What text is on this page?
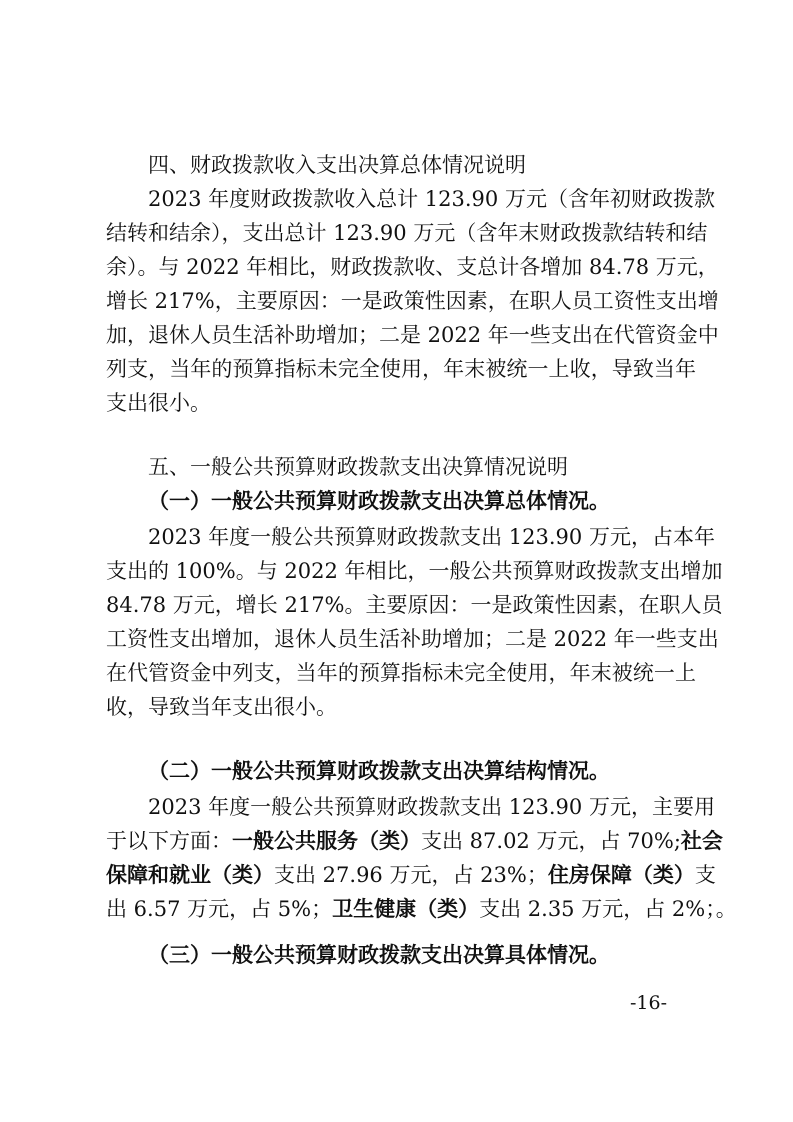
四、财政拨款收入支出决算总体情况说明
2023 年度财政拨款收入总计 123.90 万元（含年初财政拨款
结转和结余），支出总计 123.90 万元（含年末财政拨款结转和结
余）。与 2022 年相比，财政拨款收、支总计各增加 84.78 万元，
增长 217%，主要原因：一是政策性因素，在职人员工资性支出增
加，退休人员生活补助增加；二是 2022 年一些支出在代管资金中
列支，当年的预算指标未完全使用，年末被统一上收，导致当年
支出很小。
五、一般公共预算财政拨款支出决算情况说明
（一）一般公共预算财政拨款支出决算总体情况。
2023 年度一般公共预算财政拨款支出 123.90 万元，占本年
支出的 100%。与 2022 年相比，一般公共预算财政拨款支出增加
84.78 万元，增长 217%。主要原因：一是政策性因素，在职人员
工资性支出增加，退休人员生活补助增加；二是 2022 年一些支出
在代管资金中列支，当年的预算指标未完全使用，年末被统一上
收，导致当年支出很小。
（二）一般公共预算财政拨款支出决算结构情况。
2023 年度一般公共预算财政拨款支出 123.90 万元，主要用
于以下方面：一般公共服务（类）支出 87.02 万元，占 70%;社会
保障和就业（类）支出 27.96 万元，占 23%；住房保障（类）支
出 6.57 万元，占 5%；卫生健康（类）支出 2.35 万元，占 2%；。
（三）一般公共预算财政拨款支出决算具体情况。
-16-
